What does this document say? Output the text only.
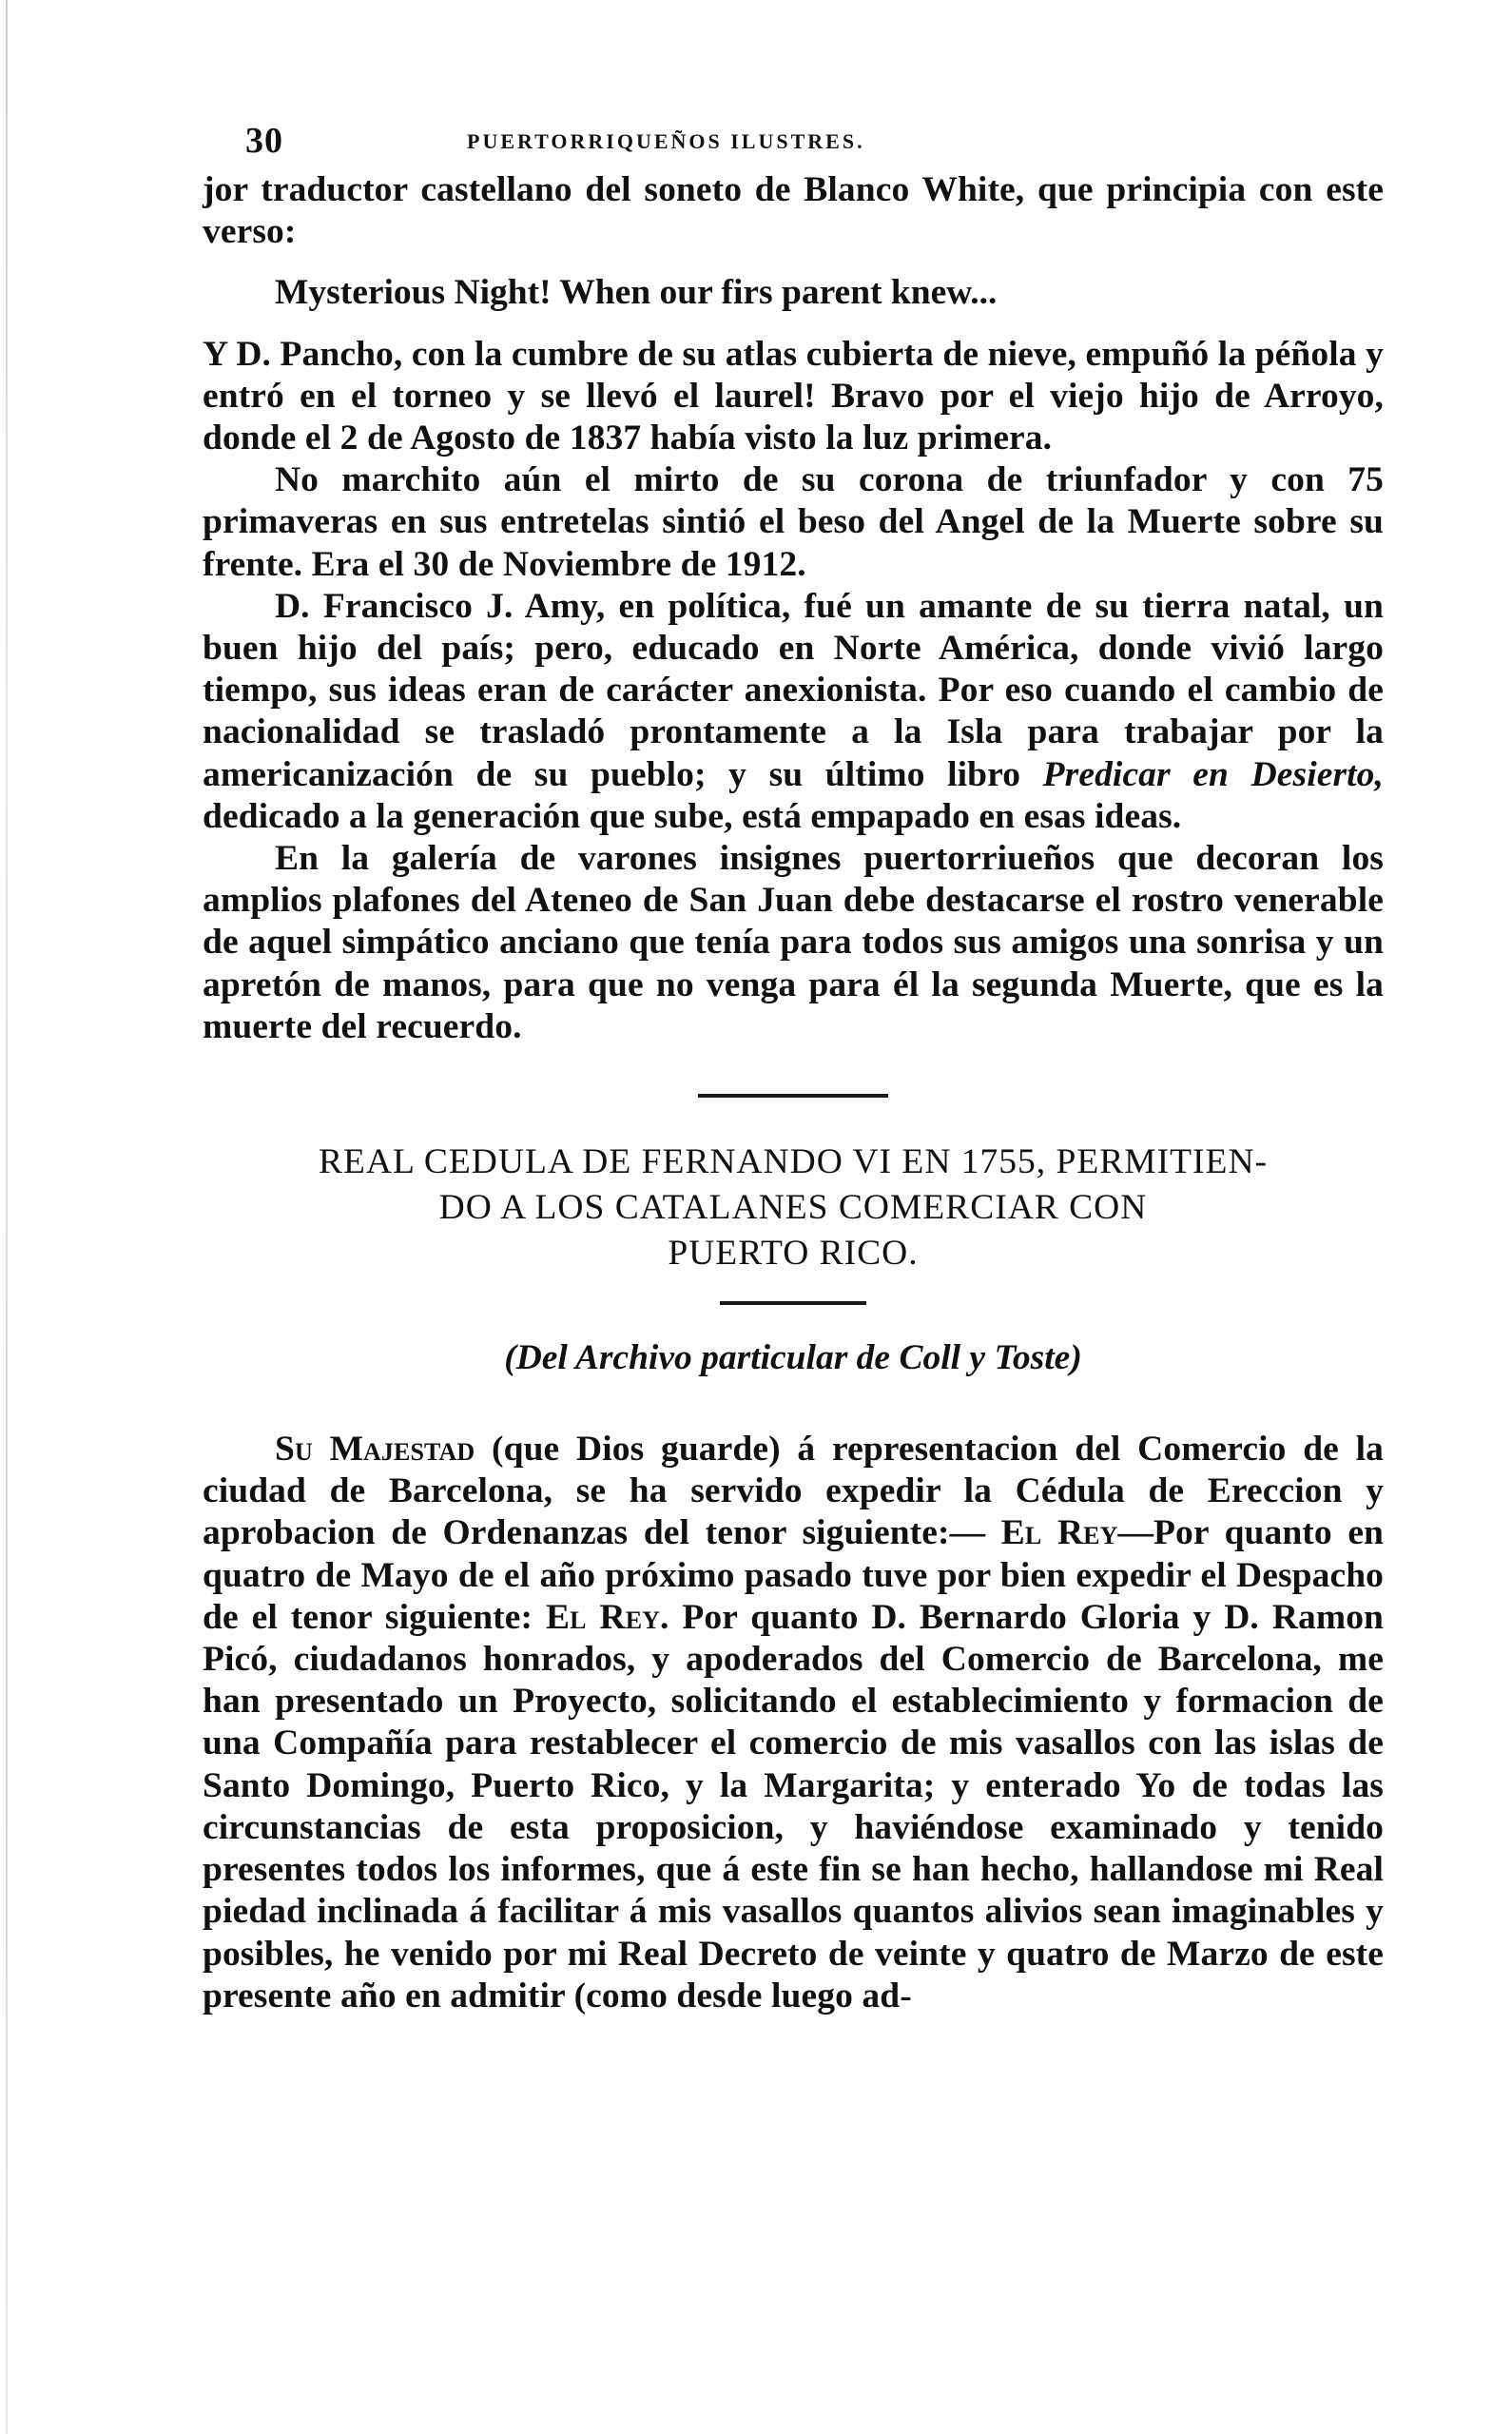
30	PUERTORRIQUEÑOS ILUSTRES.

jor traductor castellano del soneto de Blanco White, que principia con este verso:

Mysterious Night! When our firs parent knew...

Y D. Pancho, con la cumbre de su atlas cubierta de nieve, empuñó la péñola y entró en el torneo y se llevó el laurel! Bravo por el viejo hijo de Arroyo, donde el 2 de Agosto de 1837 había visto la luz primera.

No marchito aún el mirto de su corona de triunfador y con 75 primaveras en sus entretelas sintió el beso del Angel de la Muerte sobre su frente. Era el 30 de Noviembre de 1912.

D. Francisco J. Amy, en política, fué un amante de su tierra natal, un buen hijo del país; pero, educado en Norte América, donde vivió largo tiempo, sus ideas eran de carácter anexionista. Por eso cuando el cambio de nacionalidad se trasladó prontamente a la Isla para trabajar por la americanización de su pueblo; y su último libro Predicar en Desierto, dedicado a la generación que sube, está empapado en esas ideas.

En la galería de varones insignes puertorriueños que decoran los amplios plafones del Ateneo de San Juan debe destacarse el rostro venerable de aquel simpático anciano que tenía para todos sus amigos una sonrisa y un apretón de manos, para que no venga para él la segunda Muerte, que es la muerte del recuerdo.

REAL CEDULA DE FERNANDO VI EN 1755, PERMITIEN-
DO A LOS CATALANES COMERCIAR CON
PUERTO RICO.
(Del Archivo particular de Coll y Toste)

Su Majestad (que Dios guarde) á representacion del Comercio de la ciudad de Barcelona, se ha servido expedir la Cédula de Ereccion y aprobacion de Ordenanzas del tenor siguiente:— El Rey—Por quanto en quatro de Mayo de el año próximo pasado tuve por bien expedir el Despacho de el tenor siguiente: El Rey. Por quanto D. Bernardo Gloria y D. Ramon Picó, ciudadanos honrados, y apoderados del Comercio de Barcelona, me han presentado un Proyecto, solicitando el establecimiento y formacion de una Compañía para restablecer el comercio de mis vasallos con las islas de Santo Domingo, Puerto Rico, y la Margarita; y enterado Yo de todas las circunstancias de esta proposicion, y haviéndose examinado y tenido presentes todos los informes, que á este fin se han hecho, hallandose mi Real piedad inclinada á facilitar á mis vasallos quantos alivios sean imaginables y posibles, he venido por mi Real Decreto de veinte y quatro de Marzo de este presente año en admitir (como desde luego ad-
